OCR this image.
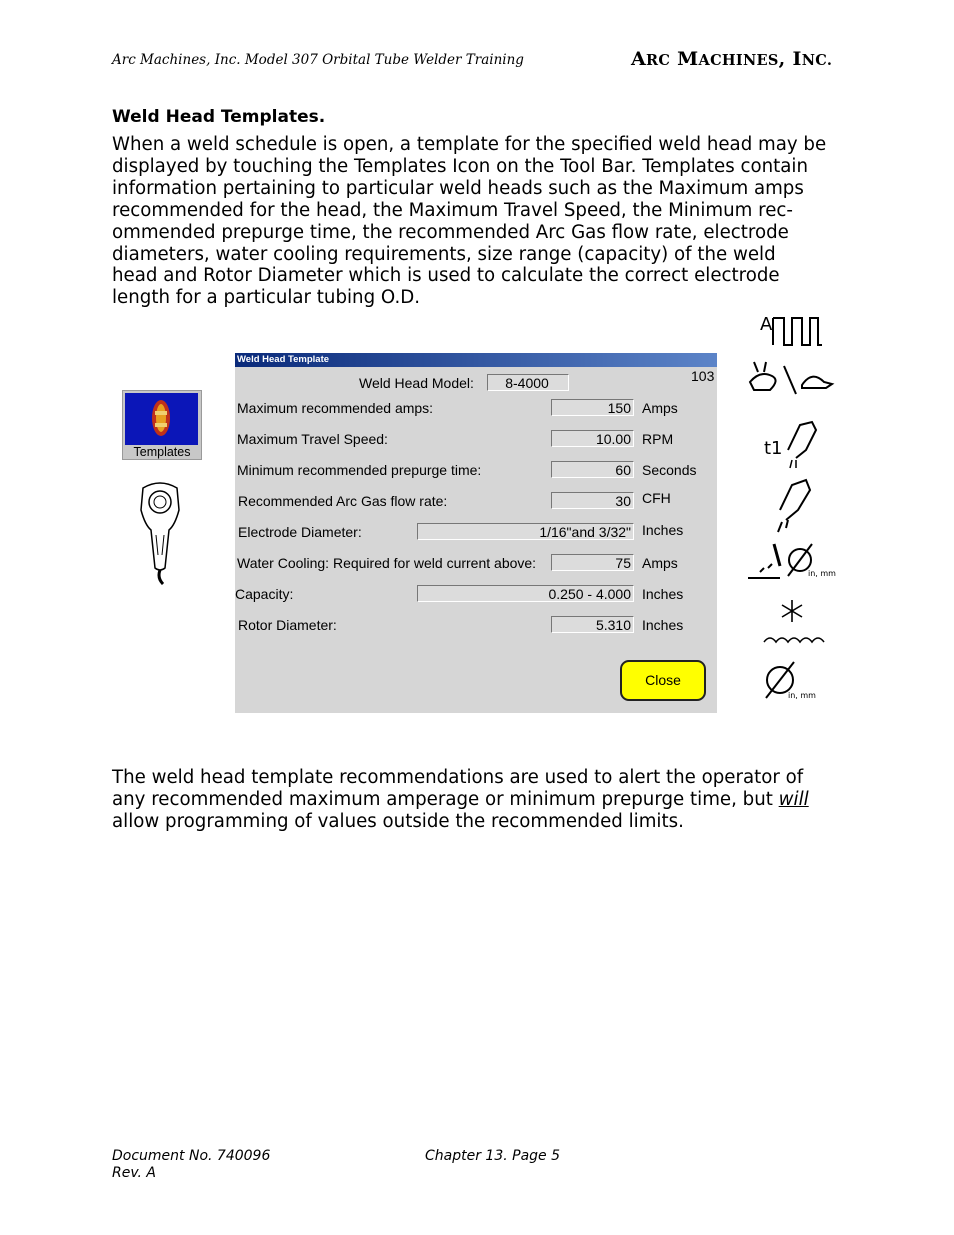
Arc Machines, Inc. Model 307 Orbital Tube Welder Training	ARC MACHINES, INC.
Weld Head Templates.
When a weld schedule is open, a template for the specified weld head may be
displayed by touching the Templates Icon on the Tool Bar. Templates contain
information pertaining to particular weld heads such as the Maximum amps
recommended for the head, the Maximum Travel Speed, the Minimum rec-
ommended prepurge time, the recommended Arc Gas flow rate, electrode
diameters, water cooling requirements, size range (capacity) of the weld
head and Rotor Diameter which is used to calculate the correct electrode
length for a particular tubing O.D.
Templates
Weld Head Template
Weld Head Model:	8-4000	103
Maximum recommended amps:	150 Amps
Maximum Travel Speed:	10.00 RPM
Minimum recommended prepurge time:	60 Seconds
Recommended Arc Gas flow rate:	30 CFH
Electrode Diameter:	1/16"and 3/32" Inches
Water Cooling: Required for weld current above:	75 Amps
Capacity:	0.250 - 4.000 Inches
Rotor Diameter:	5.310 Inches
Close
A
t1
in, mm
in, mm
The weld head template recommendations are used to alert the operator of
any recommended maximum amperage or minimum prepurge time, but will
allow programming of values outside the recommended limits.
Document No. 740096
Rev. A
Chapter 13. Page 5
